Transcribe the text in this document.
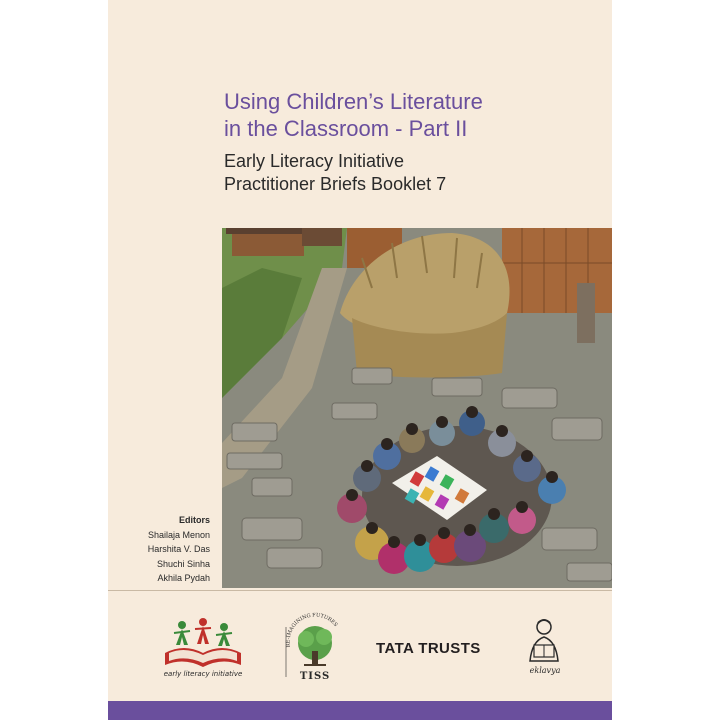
Using Children’s Literature
in the Classroom - Part II
Early Literacy Initiative
Practitioner Briefs Booklet 7
Editors
Shailaja Menon
Harshita V. Das
Shuchi Sinha
Akhila Pydah
early literacy initiative
RE-IMAGINING FUTURES
TISS
TATA TRUSTS
eklavya
